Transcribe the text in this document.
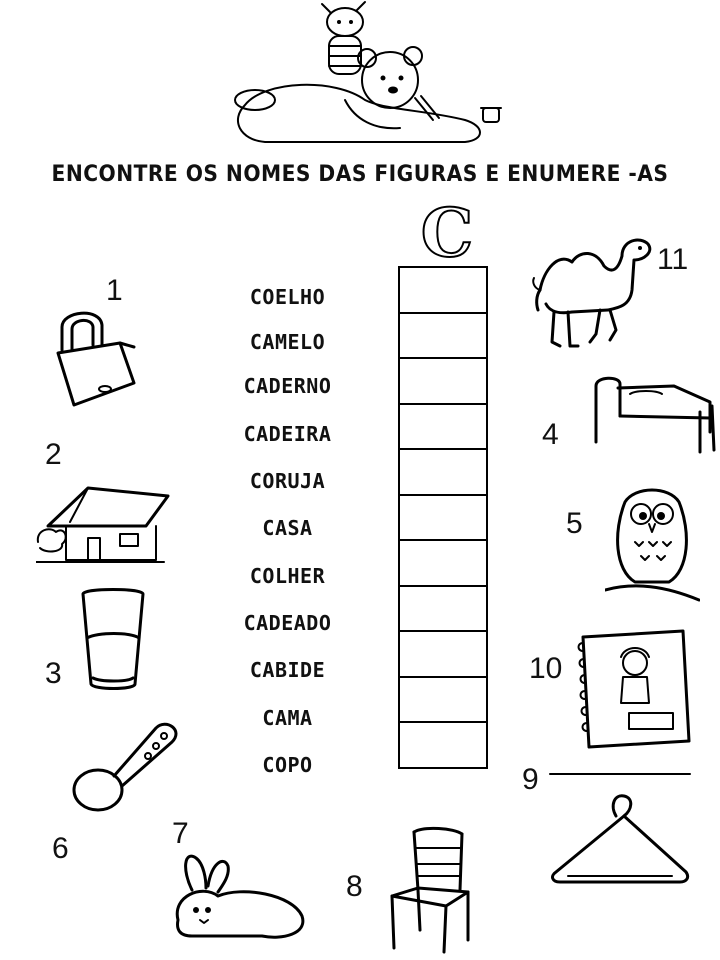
ENCONTRE OS NOMES DAS FIGURAS E ENUMERE -AS
C
COELHO
CAMELO
CADERNO
CADEIRA
CORUJA
CASA
COLHER
CADEADO
CABIDE
CAMA
COPO
1
2
3
6	7
8
11
4
5
10
9
